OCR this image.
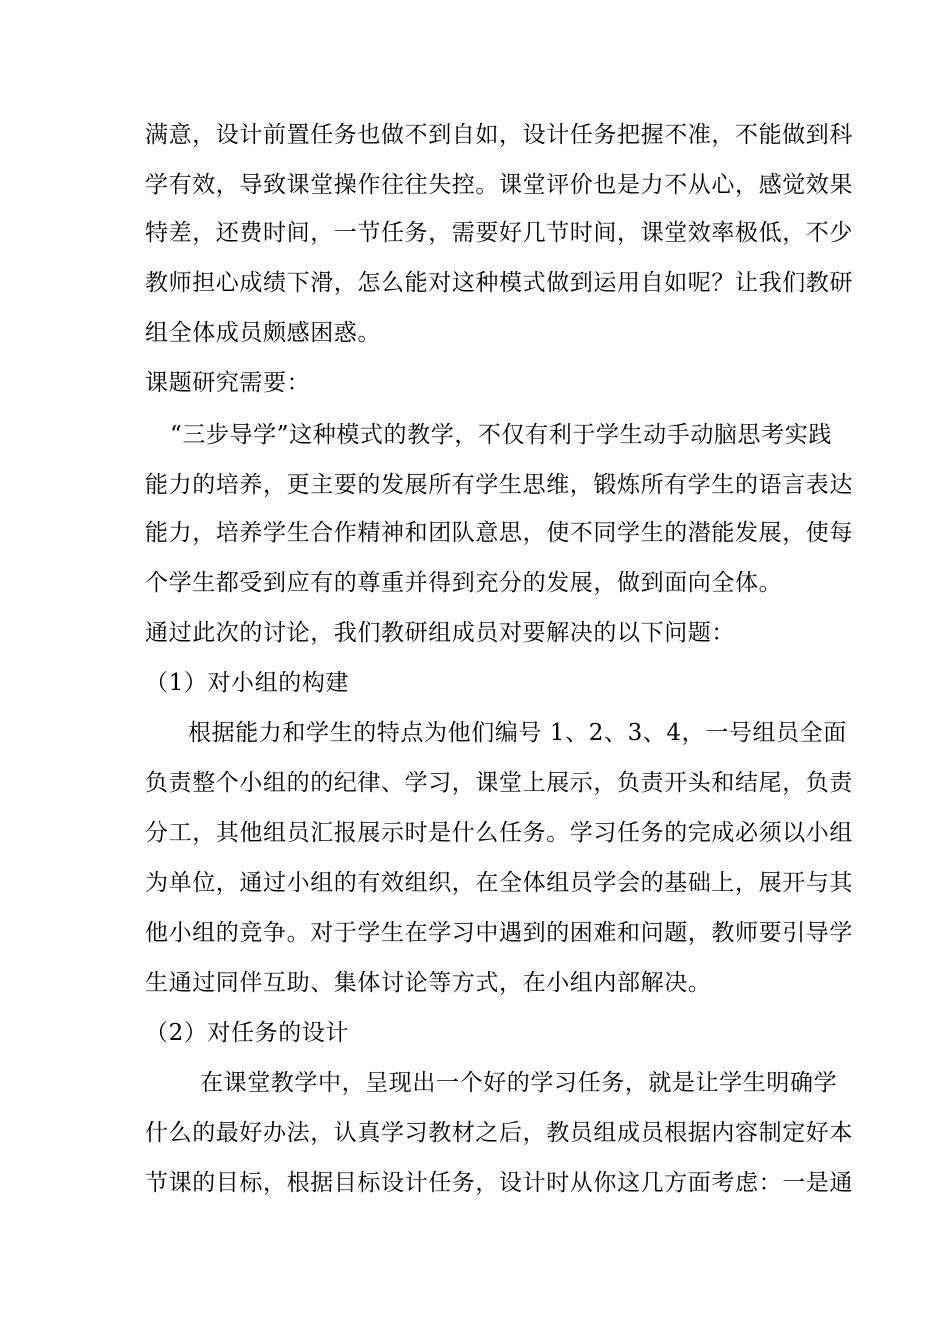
满意，设计前置任务也做不到自如，设计任务把握不准，不能做到科
学有效，导致课堂操作往往失控。课堂评价也是力不从心，感觉效果
特差，还费时间，一节任务，需要好几节时间，课堂效率极低，不少
教师担心成绩下滑，怎么能对这种模式做到运用自如呢？让我们教研
组全体成员颇感困惑。
课题研究需要：
“三步导学”这种模式的教学，不仅有利于学生动手动脑思考实践
能力的培养，更主要的发展所有学生思维，锻炼所有学生的语言表达
能力，培养学生合作精神和团队意思，使不同学生的潜能发展，使每
个学生都受到应有的尊重并得到充分的发展，做到面向全体。
通过此次的讨论，我们教研组成员对要解决的以下问题：
（1）对小组的构建
根据能力和学生的特点为他们编号 1、2、3、4，一号组员全面
负责整个小组的的纪律、学习，课堂上展示，负责开头和结尾，负责
分工，其他组员汇报展示时是什么任务。学习任务的完成必须以小组
为单位，通过小组的有效组织，在全体组员学会的基础上，展开与其
他小组的竞争。对于学生在学习中遇到的困难和问题，教师要引导学
生通过同伴互助、集体讨论等方式，在小组内部解决。
（2）对任务的设计
在课堂教学中，呈现出一个好的学习任务，就是让学生明确学
什么的最好办法，认真学习教材之后，教员组成员根据内容制定好本
节课的目标，根据目标设计任务，设计时从你这几方面考虑：一是通
